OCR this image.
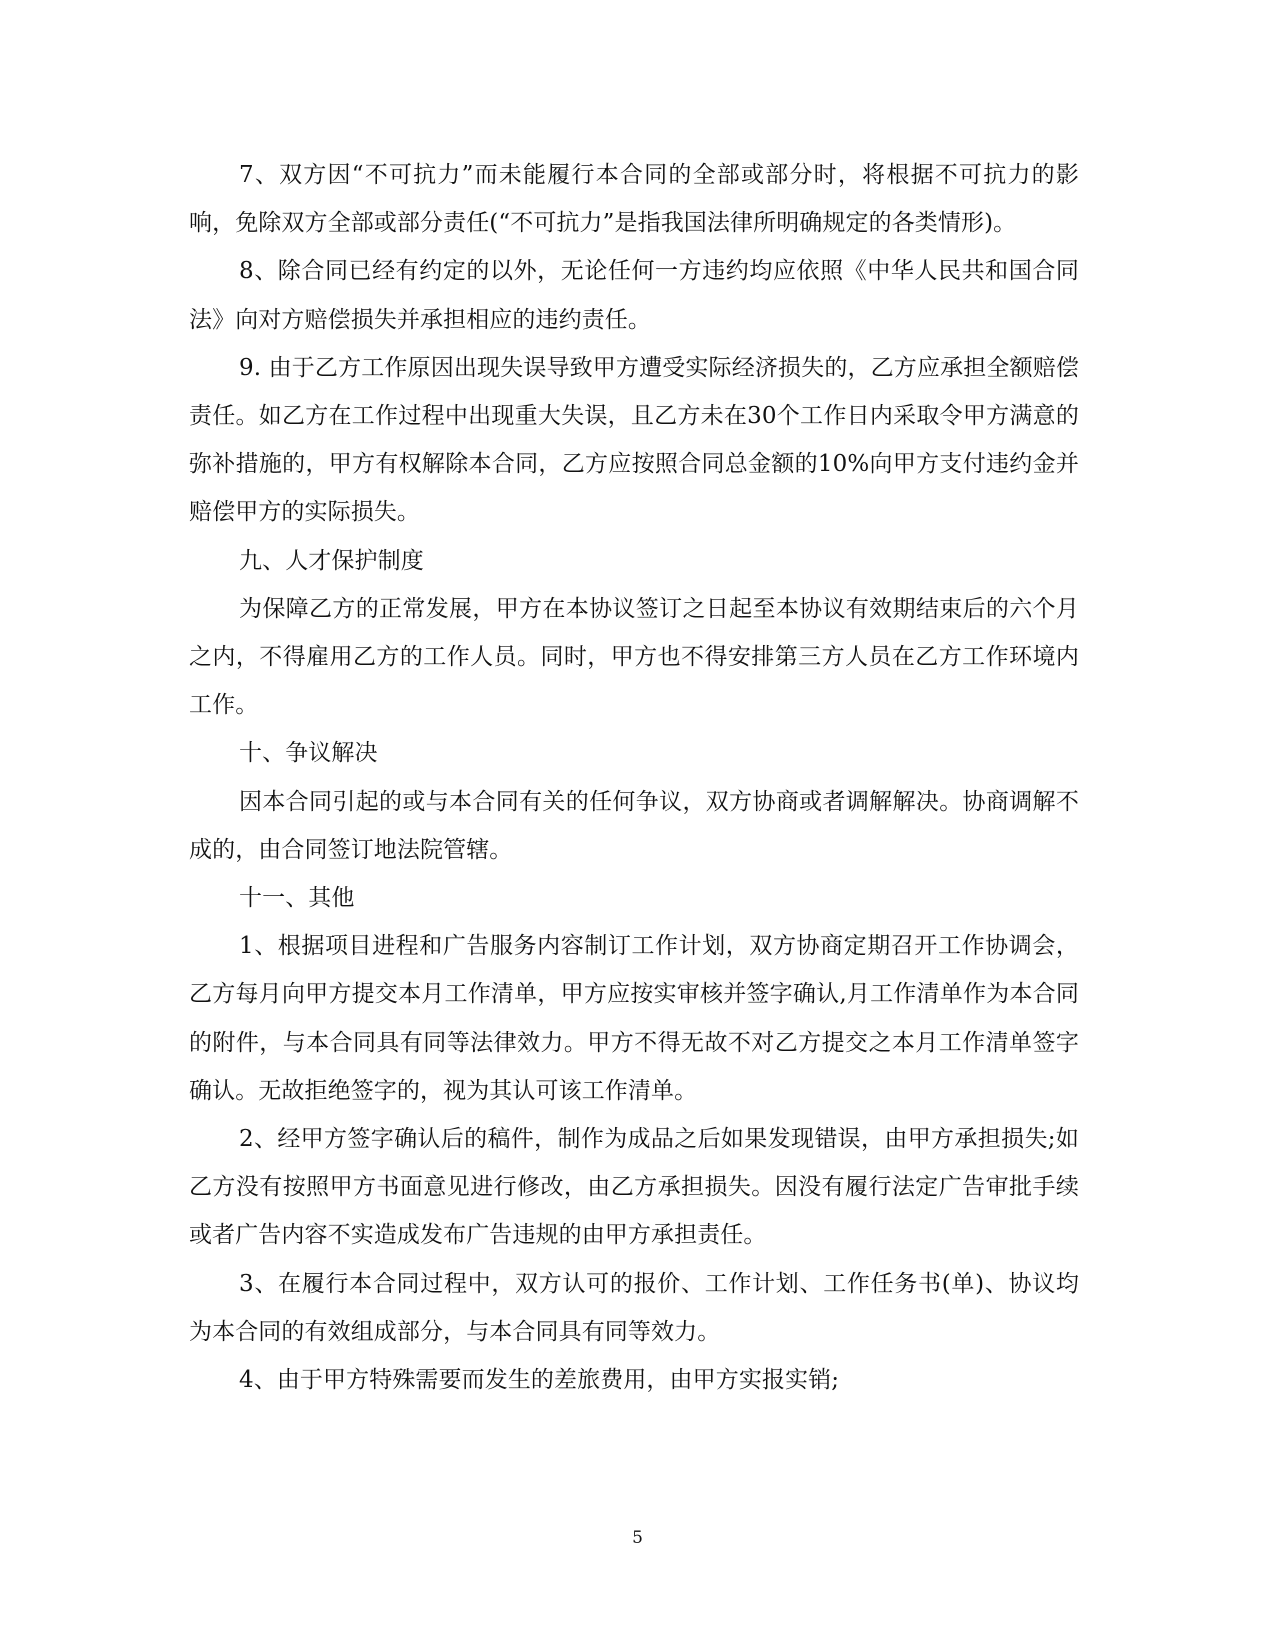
7、双方因“不可抗力”而未能履行本合同的全部或部分时，将根据不可抗力的影响，免除双方全部或部分责任(“不可抗力”是指我国法律所明确规定的各类情形)。

8、除合同已经有约定的以外，无论任何一方违约均应依照《中华人民共和国合同法》向对方赔偿损失并承担相应的违约责任。

9. 由于乙方工作原因出现失误导致甲方遭受实际经济损失的，乙方应承担全额赔偿责任。如乙方在工作过程中出现重大失误，且乙方未在30个工作日内采取令甲方满意的弥补措施的，甲方有权解除本合同，乙方应按照合同总金额的10%向甲方支付违约金并赔偿甲方的实际损失。

九、人才保护制度

为保障乙方的正常发展，甲方在本协议签订之日起至本协议有效期结束后的六个月之内，不得雇用乙方的工作人员。同时，甲方也不得安排第三方人员在乙方工作环境内工作。

十、争议解决

因本合同引起的或与本合同有关的任何争议，双方协商或者调解解决。协商调解不成的，由合同签订地法院管辖。

十一、其他

1、根据项目进程和广告服务内容制订工作计划，双方协商定期召开工作协调会，乙方每月向甲方提交本月工作清单，甲方应按实审核并签字确认,月工作清单作为本合同的附件，与本合同具有同等法律效力。甲方不得无故不对乙方提交之本月工作清单签字确认。无故拒绝签字的，视为其认可该工作清单。

2、经甲方签字确认后的稿件，制作为成品之后如果发现错误，由甲方承担损失;如乙方没有按照甲方书面意见进行修改，由乙方承担损失。因没有履行法定广告审批手续或者广告内容不实造成发布广告违规的由甲方承担责任。

3、在履行本合同过程中，双方认可的报价、工作计划、工作任务书(单)、协议均为本合同的有效组成部分，与本合同具有同等效力。

4、由于甲方特殊需要而发生的差旅费用，由甲方实报实销;

5
